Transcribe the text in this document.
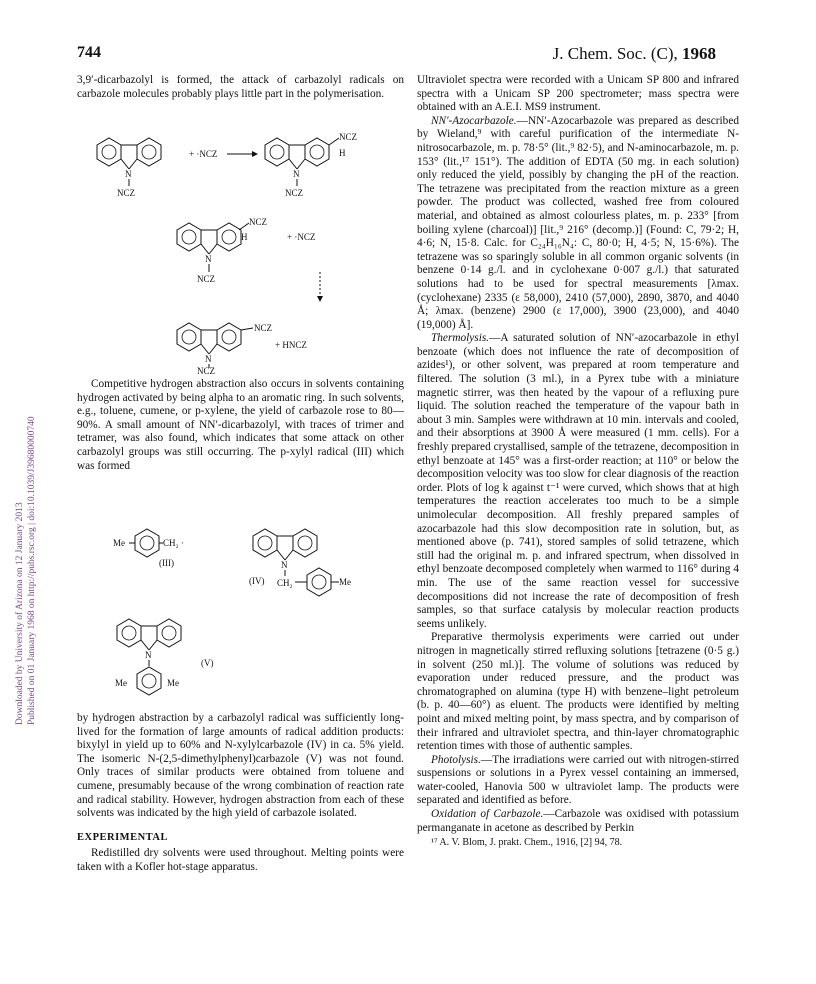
Downloaded by University of Arizona on 12 January 2013 Published on 01 January 1968 on http://pubs.rsc.org | doi:10.1039/J39680000740
744	J. Chem. Soc. (C), 1968

3,9′-dicarbazolyl is formed, the attack of carbazolyl radicals on carbazole molecules probably plays little part in the polymerisation.

N
NCZ
+ ·NCZ
N
NCZ
NCZ
H
N
NCZ
NCZ
H	+ ·NCZ
N
NCZ
NCZ
+ HNCZ

Competitive hydrogen abstraction also occurs in solvents containing hydrogen activated by being alpha to an aromatic ring. In such solvents, e.g., toluene, cumene, or p-xylene, the yield of carbazole rose to 80—90%. A small amount of NN′-dicarbazolyl, with traces of trimer and tetramer, was also found, which indicates that some attack on other carbazolyl groups was still occurring. The p-xylyl radical (III) which was formed

Me	CH₂ ·
(III)	N
CH₂	Me
(IV)
N
Me	Me
(V)

by hydrogen abstraction by a carbazolyl radical was sufficiently long-lived for the formation of large amounts of radical addition products: bixylyl in yield up to 60% and N-xylylcarbazole (IV) in ca. 5% yield. The isomeric N-(2,5-dimethylphenyl)carbazole (V) was not found. Only traces of similar products were obtained from toluene and cumene, presumably because of the wrong combination of reaction rate and radical stability. However, hydrogen abstraction from each of these solvents was indicated by the high yield of carbazole isolated.

EXPERIMENTAL

Redistilled dry solvents were used throughout. Melting points were taken with a Kofler hot-stage apparatus.

Ultraviolet spectra were recorded with a Unicam SP 800 and infrared spectra with a Unicam SP 200 spectrometer; mass spectra were obtained with an A.E.I. MS9 instrument.

NN′-Azocarbazole.—NN′-Azocarbazole was prepared as described by Wieland,⁹ with careful purification of the intermediate N-nitrosocarbazole, m. p. 78·5° (lit.,⁹ 82·5), and N-aminocarbazole, m. p. 153° (lit.,¹⁷ 151°). The addition of EDTA (50 mg. in each solution) only reduced the yield, possibly by changing the pH of the reaction. The tetrazene was precipitated from the reaction mixture as a green powder. The product was collected, washed free from coloured material, and obtained as almost colourless plates, m. p. 233° [from boiling xylene (charcoal)] [lit.,⁹ 216° (decomp.)] (Found: C, 79·2; H, 4·6; N, 15·8. Calc. for C₂₄H₁₆N₄: C, 80·0; H, 4·5; N, 15·6%). The tetrazene was so sparingly soluble in all common organic solvents (in benzene 0·14 g./l. and in cyclohexane 0·007 g./l.) that saturated solutions had to be used for spectral measurements [λmax. (cyclohexane) 2335 (ε 58,000), 2410 (57,000), 2890, 3870, and 4040 Å; λmax. (benzene) 2900 (ε 17,000), 3900 (23,000), and 4040 (19,000) Å].

Thermolysis.—A saturated solution of NN′-azocarbazole in ethyl benzoate (which does not influence the rate of decomposition of azides¹), or other solvent, was prepared at room temperature and filtered. The solution (3 ml.), in a Pyrex tube with a miniature magnetic stirrer, was then heated by the vapour of a refluxing pure liquid. The solution reached the temperature of the vapour bath in about 3 min. Samples were withdrawn at 10 min. intervals and cooled, and their absorptions at 3900 Å were measured (1 mm. cells). For a freshly prepared crystallised, sample of the tetrazene, decomposition in ethyl benzoate at 145° was a first-order reaction; at 110° or below the decomposition velocity was too slow for clear diagnosis of the reaction order. Plots of log k against t⁻¹ were curved, which shows that at high temperatures the reaction accelerates too much to be a simple unimolecular decomposition. All freshly prepared samples of azocarbazole had this slow decomposition rate in solution, but, as mentioned above (p. 741), stored samples of solid tetrazene, which still had the original m. p. and infrared spectrum, when dissolved in ethyl benzoate decomposed completely when warmed to 116° during 4 min. The use of the same reaction vessel for successive decompositions did not increase the rate of decomposition of fresh samples, so that surface catalysis by molecular reaction products seems unlikely.

Preparative thermolysis experiments were carried out under nitrogen in magnetically stirred refluxing solutions [tetrazene (0·5 g.) in solvent (250 ml.)]. The volume of solutions was reduced by evaporation under reduced pressure, and the product was chromatographed on alumina (type H) with benzene–light petroleum (b. p. 40—60°) as eluent. The products were identified by melting point and mixed melting point, by mass spectra, and by comparison of their infrared and ultraviolet spectra, and thin-layer chromatographic retention times with those of authentic samples.

Photolysis.—The irradiations were carried out with nitrogen-stirred suspensions or solutions in a Pyrex vessel containing an immersed, water-cooled, Hanovia 500 w ultraviolet lamp. The products were separated and identified as before.

Oxidation of Carbazole.—Carbazole was oxidised with potassium permanganate in acetone as described by Perkin

¹⁷ A. V. Blom, J. prakt. Chem., 1916, [2] 94, 78.
